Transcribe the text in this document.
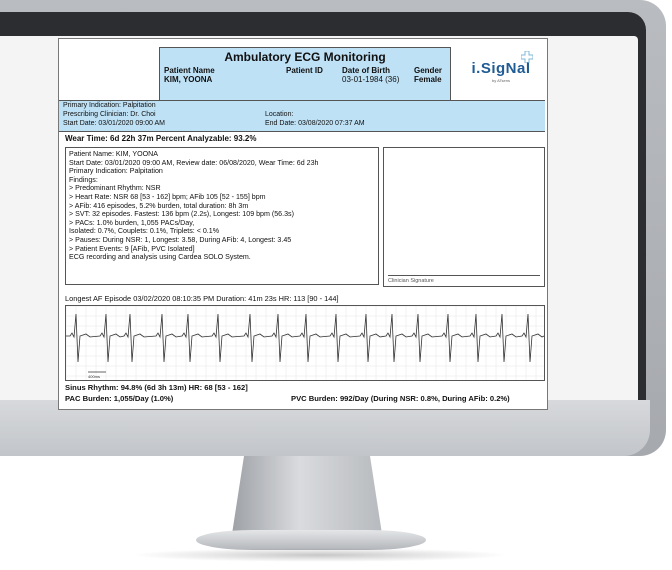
Ambulatory ECG Monitoring
Patient Name
KIM, YOONA
Patient ID Date of Birth
03-01-1984 (36)
Gender
Female
i.SigNal
by ATsens
Primary Indication: Palpitation
Prescribing Clinician: Dr. Choi
Start Date: 03/01/2020 09:00 AM
Location:
End Date: 03/08/2020 07:37 AM
Wear Time: 6d 22h 37m Percent Analyzable: 93.2%
Patient Name: KIM, YOONA
Start Date: 03/01/2020 09:00 AM, Review date: 06/08/2020, Wear Time: 6d 23h
Primary Indication: Palpitation
Findings:
> Predominant Rhythm: NSR
> Heart Rate: NSR 68 [53 - 162] bpm; AFib 105 [52 - 155] bpm
> AFib: 416 episodes, 5.2% burden, total duration: 8h 3m
> SVT: 32 episodes. Fastest: 136 bpm (2.2s), Longest: 109 bpm (56.3s)
> PACs: 1.0% burden, 1,055 PACs/Day,
Isolated: 0.7%, Couplets: 0.1%, Triplets: < 0.1%
> Pauses: During NSR: 1, Longest: 3.58, During AFib: 4, Longest: 3.45
> Patient Events: 9 [AFib, PVC Isolated]
ECG recording and analysis using Cardea SOLO System.
Clinician Signature
Longest AF Episode 03/02/2020 08:10:35 PM Duration: 41m 23s HR: 113 [90 - 144]
400ms
Sinus Rhythm: 94.8% (6d 3h 13m) HR: 68 [53 - 162]
PAC Burden: 1,055/Day (1.0%)	PVC Burden: 992/Day (During NSR: 0.8%, During AFib: 0.2%)
